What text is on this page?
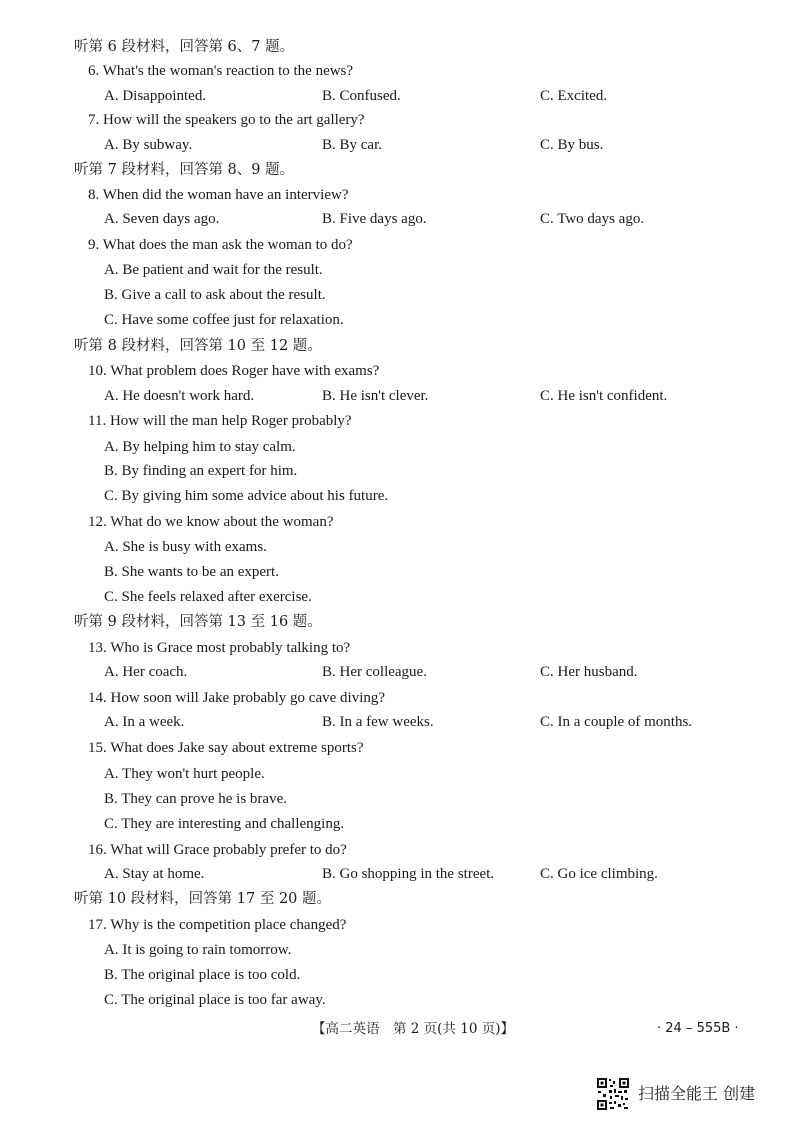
听第 6 段材料，回答第 6、7 题。
6. What's the woman's reaction to the news?
A. Disappointed.	B. Confused.	C. Excited.
7. How will the speakers go to the art gallery?
A. By subway.	B. By car.	C. By bus.
听第 7 段材料，回答第 8、9 题。
8. When did the woman have an interview?
A. Seven days ago.	B. Five days ago.	C. Two days ago.
9. What does the man ask the woman to do?
A. Be patient and wait for the result.
B. Give a call to ask about the result.
C. Have some coffee just for relaxation.
听第 8 段材料，回答第 10 至 12 题。
10. What problem does Roger have with exams?
A. He doesn't work hard.	B. He isn't clever.	C. He isn't confident.
11. How will the man help Roger probably?
A. By helping him to stay calm.
B. By finding an expert for him.
C. By giving him some advice about his future.
12. What do we know about the woman?
A. She is busy with exams.
B. She wants to be an expert.
C. She feels relaxed after exercise.
听第 9 段材料，回答第 13 至 16 题。
13. Who is Grace most probably talking to?
A. Her coach.	B. Her colleague.	C. Her husband.
14. How soon will Jake probably go cave diving?
A. In a week.	B. In a few weeks.	C. In a couple of months.
15. What does Jake say about extreme sports?
A. They won't hurt people.
B. They can prove he is brave.
C. They are interesting and challenging.
16. What will Grace probably prefer to do?
A. Stay at home.	B. Go shopping in the street.	C. Go ice climbing.
听第 10 段材料，回答第 17 至 20 题。
17. Why is the competition place changed?
A. It is going to rain tomorrow.
B. The original place is too cold.
C. The original place is too far away.
【高二英语　第 2 页(共 10 页)】	· 24 – 555B ·
扫描全能王 创建
